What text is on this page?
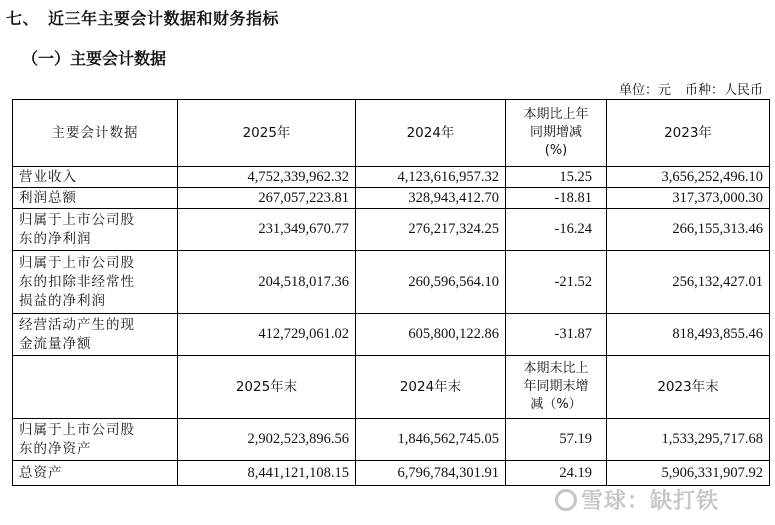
七、 近三年主要会计数据和财务指标
（一）主要会计数据
单位：元 币种：人民币
主要会计数据	2025年	2024年	本期比上年
同期增减
(%)	2023年

营业收入	4,752,339,962.32	4,123,616,957.32	15.25	3,656,252,496.10

利润总额	267,057,223.81	328,943,412.70	-18.81	317,373,000.30

归属于上市公司股
东的净利润	231,349,670.77	276,217,324.25	-16.24	266,155,313.46

归属于上市公司股
东的扣除非经常性
损益的净利润	204,518,017.36	260,596,564.10	-21.52	256,132,427.01

经营活动产生的现
金流量净额	412,729,061.02	605,800,122.86	-31.87	818,493,855.46
	2025年末	2024年末	本期末比上
年同期末增
减（%）	2023年末

归属于上市公司股
东的净资产	2,902,523,896.56	1,846,562,745.05	57.19	1,533,295,717.68

总资产	8,441,121,108.15	6,796,784,301.91	24.19	5,906,331,907.92
雪球：缺打铁
